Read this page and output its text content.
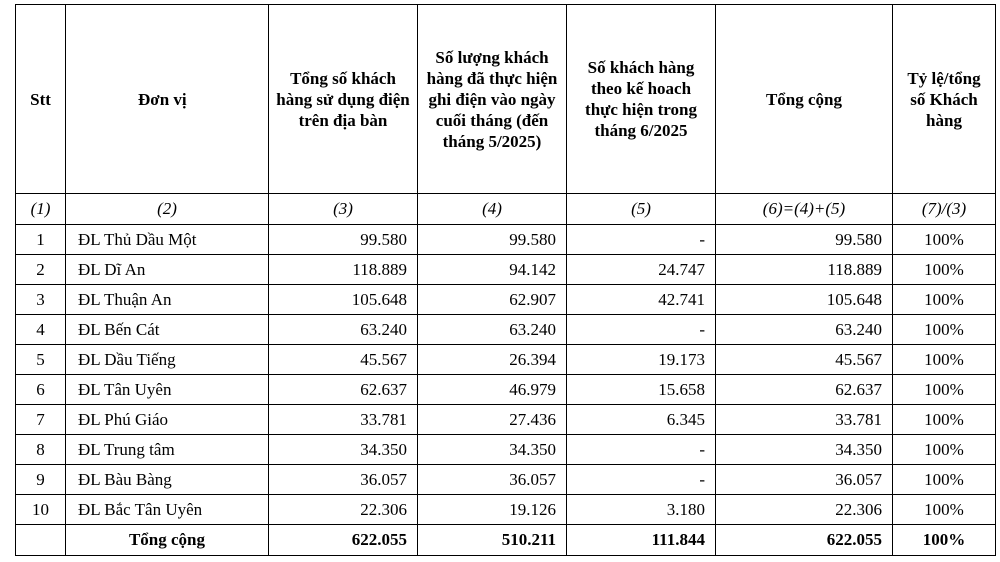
Stt	Đơn vị	Tổng số khách hàng sử dụng điện trên địa bàn	Số lượng khách hàng đã thực hiện ghi điện vào ngày cuối tháng (đến tháng 5/2025)	Số khách hàng theo kế hoach thực hiện trong tháng 6/2025	Tổng cộng	Tỷ lệ/tổng số Khách hàng
(1)	(2)	(3)	(4)	(5)	(6)=(4)+(5)	(7)/(3)
1	ĐL Thủ Dầu Một	99.580	99.580	-	99.580	100%
2	ĐL Dĩ An	118.889	94.142	24.747	118.889	100%
3	ĐL Thuận An	105.648	62.907	42.741	105.648	100%
4	ĐL Bến Cát	63.240	63.240	-	63.240	100%
5	ĐL Dầu Tiếng	45.567	26.394	19.173	45.567	100%
6	ĐL Tân Uyên	62.637	46.979	15.658	62.637	100%
7	ĐL Phú Giáo	33.781	27.436	6.345	33.781	100%
8	ĐL Trung tâm	34.350	34.350	-	34.350	100%
9	ĐL Bàu Bàng	36.057	36.057	-	36.057	100%
10	ĐL Bắc Tân Uyên	22.306	19.126	3.180	22.306	100%
	Tổng cộng	622.055	510.211	111.844	622.055	100%
